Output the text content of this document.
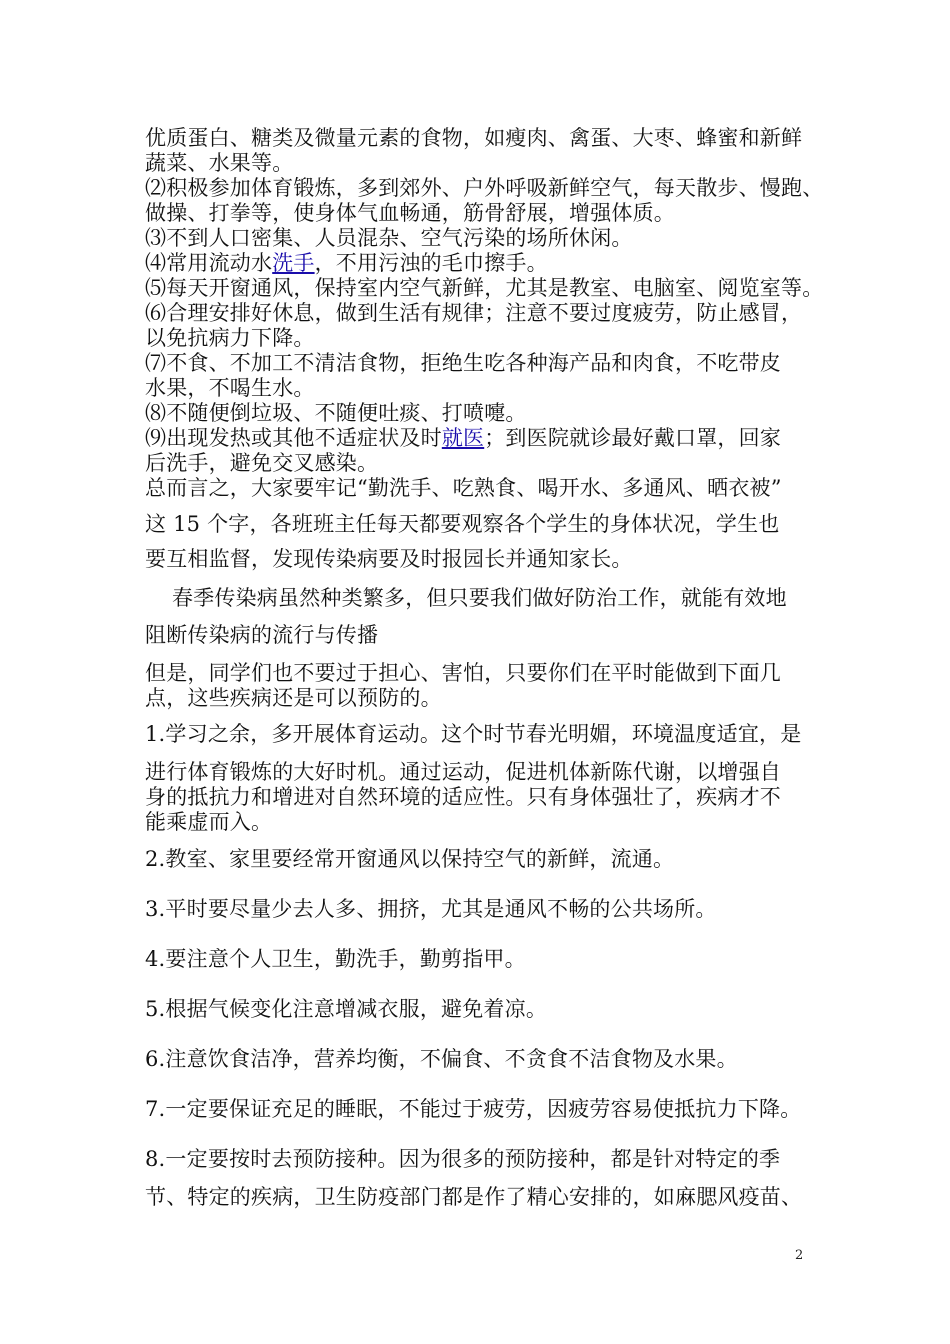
优质蛋白、糖类及微量元素的食物，如瘦肉、禽蛋、大枣、蜂蜜和新鲜
蔬菜、水果等。
⑵积极参加体育锻炼，多到郊外、户外呼吸新鲜空气，每天散步、慢跑、
做操、打拳等，使身体气血畅通，筋骨舒展，增强体质。
⑶不到人口密集、人员混杂、空气污染的场所休闲。
⑷常用流动水洗手，不用污浊的毛巾擦手。
⑸每天开窗通风，保持室内空气新鲜，尤其是教室、电脑室、阅览室等。
⑹合理安排好休息，做到生活有规律；注意不要过度疲劳，防止感冒，
以免抗病力下降。
⑺不食、不加工不清洁食物，拒绝生吃各种海产品和肉食，不吃带皮
水果，不喝生水。
⑻不随便倒垃圾、不随便吐痰、打喷嚏。
⑼出现发热或其他不适症状及时就医；到医院就诊最好戴口罩，回家
后洗手，避免交叉感染。
总而言之，大家要牢记“勤洗手、吃熟食、喝开水、多通风、晒衣被”
这 15 个字，各班班主任每天都要观察各个学生的身体状况，学生也
要互相监督，发现传染病要及时报园长并通知家长。
春季传染病虽然种类繁多，但只要我们做好防治工作，就能有效地
阻断传染病的流行与传播
但是，同学们也不要过于担心、害怕，只要你们在平时能做到下面几
点，这些疾病还是可以预防的。
1.学习之余，多开展体育运动。这个时节春光明媚，环境温度适宜，是
进行体育锻炼的大好时机。通过运动，促进机体新陈代谢，以增强自
身的抵抗力和增进对自然环境的适应性。只有身体强壮了，疾病才不
能乘虚而入。
2.教室、家里要经常开窗通风以保持空气的新鲜，流通。
3.平时要尽量少去人多、拥挤，尤其是通风不畅的公共场所。
4.要注意个人卫生，勤洗手，勤剪指甲。
5.根据气候变化注意增减衣服，避免着凉。
6.注意饮食洁净，营养均衡，不偏食、不贪食不洁食物及水果。
7.一定要保证充足的睡眠，不能过于疲劳，因疲劳容易使抵抗力下降。
8.一定要按时去预防接种。因为很多的预防接种，都是针对特定的季
节、特定的疾病，卫生防疫部门都是作了精心安排的，如麻腮风疫苗、
2
